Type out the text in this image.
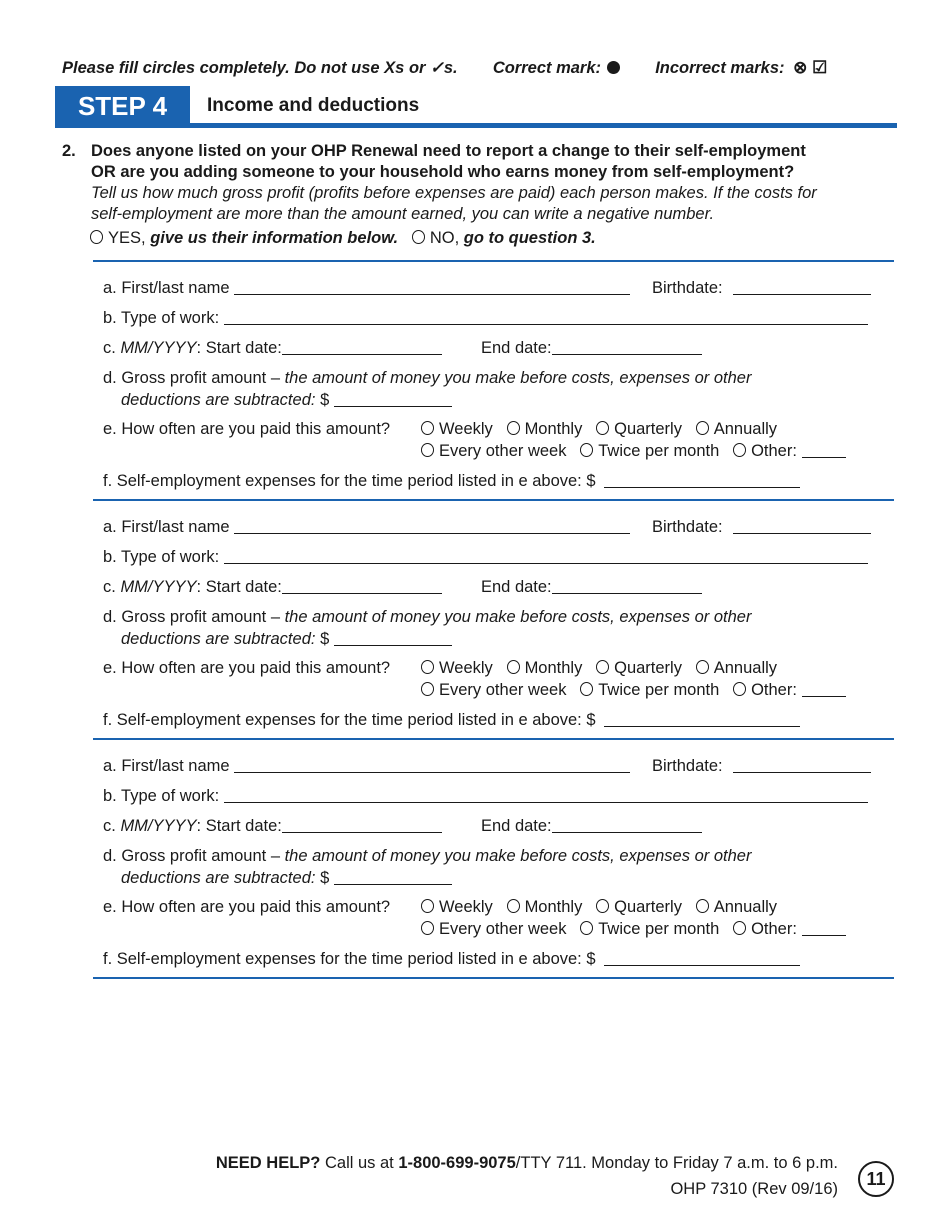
Please fill circles completely. Do not use Xs or ✓s. Correct mark:	Incorrect marks: ⊗ ☑
STEP 4	Income and deductions
2. Does anyone listed on your OHP Renewal need to report a change to their self-employment
OR are you adding someone to your household who earns money from self-employment?
Tell us how much gross profit (profits before expenses are paid) each person makes. If the costs for
self-employment are more than the amount earned, you can write a negative number.
YES, give us their information below. NO, go to question 3.
a. First/last name	Birthdate:
b. Type of work:
c. MM/YYYY: Start date:	End date:
d. Gross profit amount – the amount of money you make before costs, expenses or other
deductions are subtracted: $
e. How often are you paid this amount?	Weekly Monthly Quarterly Annually
Every other week Twice per month Other:
f. Self-employment expenses for the time period listed in e above: $
a. First/last name	Birthdate:
b. Type of work:
c. MM/YYYY: Start date:	End date:
d. Gross profit amount – the amount of money you make before costs, expenses or other
deductions are subtracted: $
e. How often are you paid this amount?	Weekly Monthly Quarterly Annually
Every other week Twice per month Other:
f. Self-employment expenses for the time period listed in e above: $
a. First/last name	Birthdate:
b. Type of work:
c. MM/YYYY: Start date:	End date:
d. Gross profit amount – the amount of money you make before costs, expenses or other
deductions are subtracted: $
e. How often are you paid this amount?	Weekly Monthly Quarterly Annually
Every other week Twice per month Other:
f. Self-employment expenses for the time period listed in e above: $
NEED HELP? Call us at 1-800-699-9075/TTY 711. Monday to Friday 7 a.m. to 6 p.m.
OHP 7310 (Rev 09/16)	11
